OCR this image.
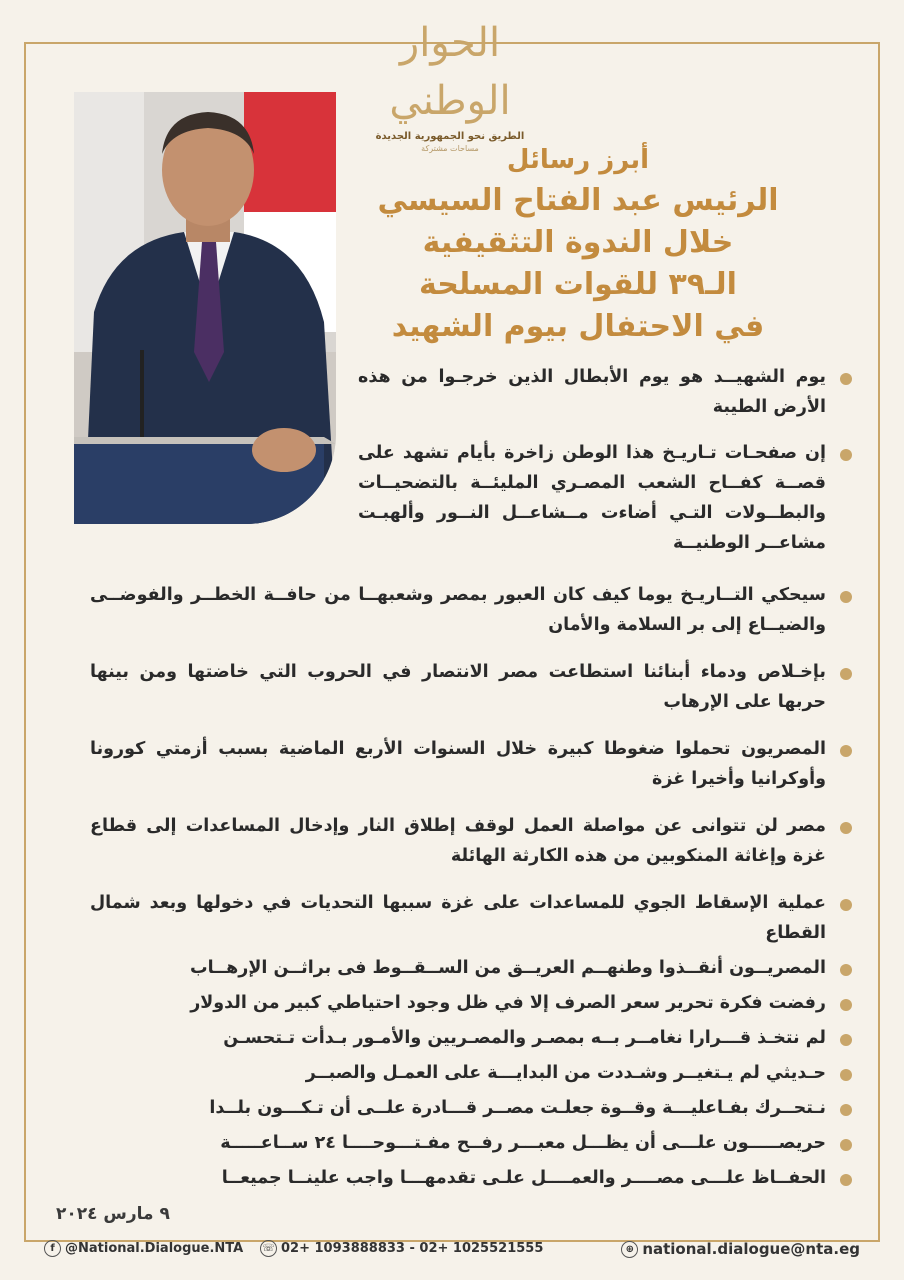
الحوار الوطني
الطريق نحو الجمهورية الجديدة
مساحات مشتركة	أبرز رسائل
الرئيس عبد الفتاح السيسي
خلال الندوة التثقيفية
الـ٣٩ للقوات المسلحة
في الاحتفال بيوم الشهيد
يوم الشهيــد هو يوم الأبطال الذين خرجـوا من هذه الأرض الطيبة
إن صفحـات تـاريـخ هذا الوطن زاخرة بأيام تشهد على قصــة كفــاح الشعب المصـري المليئــة بالتضحيــات والبطــولات التـي أضاءت مــشاعــل النــور وألهبـت مشاعــر الوطنيــة
سيحكي التــاريـخ يوما كيف كان العبور بمصر وشعبهــا من حافــة الخطــر والفوضــى والضيــاع إلى بر السلامة والأمان
بإخـلاص ودماء أبنائنا استطاعت مصر الانتصار في الحروب التي خاضتها ومن بينها حربها على الإرهاب
المصريون تحملوا ضغوطا كبيرة خلال السنوات الأربع الماضية بسبب أزمتي كورونا وأوكرانيا وأخيرا غزة
مصر لن تتوانى عن مواصلة العمل لوقف إطلاق النار وإدخال المساعدات إلى قطاع غزة وإغاثة المنكوبين من هذه الكارثة الهائلة
عملية الإسقاط الجوي للمساعدات على غزة سببها التحديات في دخولها وبعد شمال القطاع
المصريــون أنقــذوا وطنهــم العريــق من الســقــوط فى براثــن الإرهــاب
رفضت فكرة تحرير سعر الصرف إلا في ظل وجود احتياطي كبير من الدولار
لم نتخـذ قـــرارا نغامــر بــه بمصـر والمصـريين والأمـور بـدأت تـتحسـن
حـديثي لم يـتغيــر وشـددت من البدايـــة على العمـل والصبــر
نـتحــرك بفـاعليـــة وقــوة جعلـت مصــر قـــادرة علــى أن تـكـــون بلــدا
حريصـــــون علـــى أن يظـــل معبـــر رفــح مفـتـــوحــــا ٢٤ ســاعـــــة
الحفــاظ علـــى مصــــر والعمــــل علـى تقدمهـــا واجب علينــا جميعــا
٩ مارس ٢٠٢٤
f @National.Dialogue.NTA ☏ 02+ 1093888833 - 02+ 1025521555	⊕ national.dialogue@nta.eg
